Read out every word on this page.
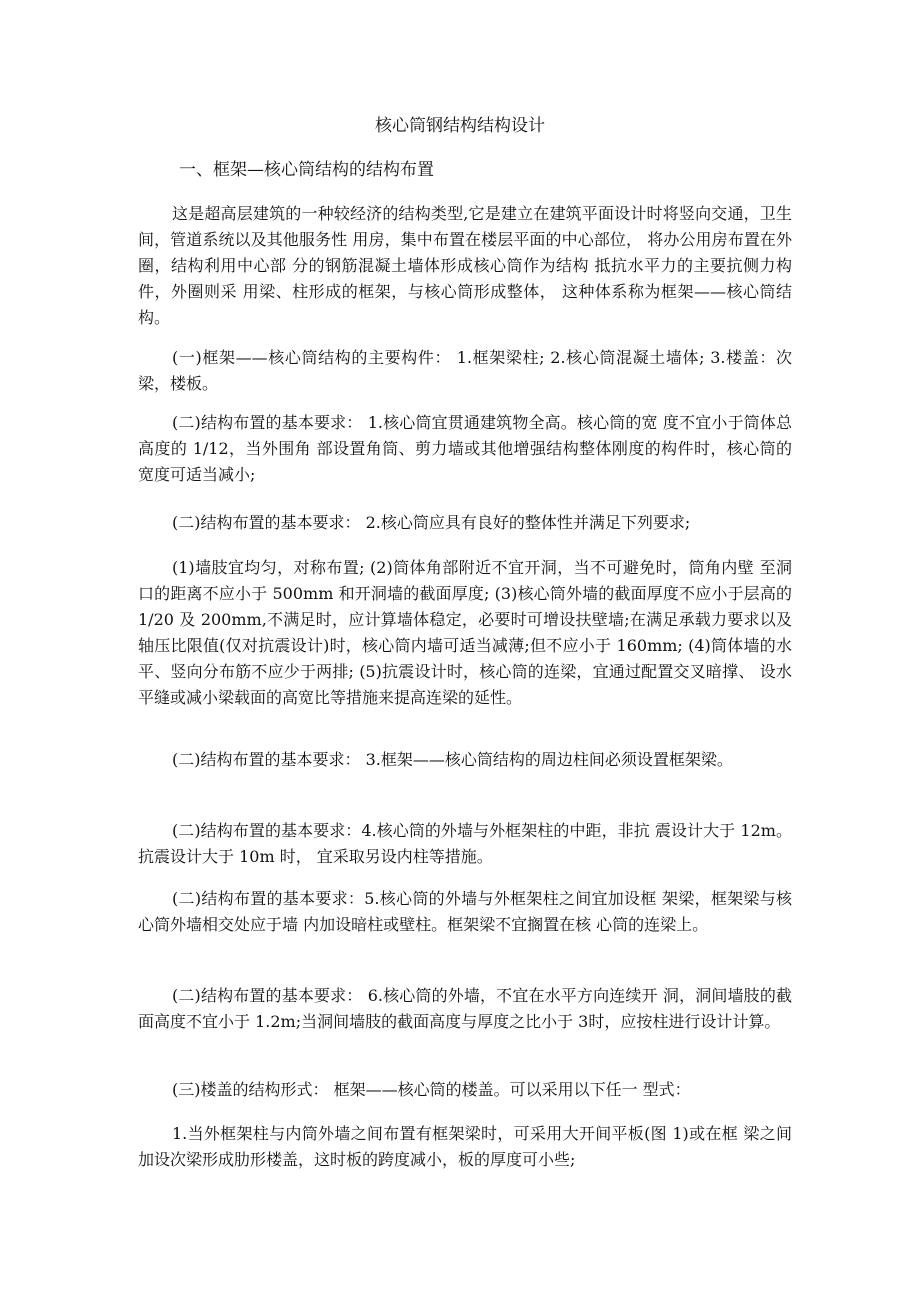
核心筒钢结构结构设计
一、框架—核心筒结构的结构布置

这是超高层建筑的一种较经济的结构类型,它是建立在建筑平面设计时将竖向交通，卫生间，管道系统以及其他服务性 用房，集中布置在楼层平面的中心部位， 将办公用房布置在外圈，结构利用中心部 分的钢筋混凝土墙体形成核心筒作为结构 抵抗水平力的主要抗侧力构件，外圈则采 用梁、柱形成的框架，与核心筒形成整体， 这种体系称为框架——核心筒结构。

(一)框架——核心筒结构的主要构件： 1.框架梁柱; 2.核心筒混凝土墙体; 3.楼盖：次梁，楼板。

(二)结构布置的基本要求： 1.核心筒宜贯通建筑物全高。核心筒的宽 度不宜小于筒体总高度的 1/12，当外围角 部设置角筒、剪力墙或其他增强结构整体刚度的构件时，核心筒的宽度可适当减小;

(二)结构布置的基本要求： 2.核心筒应具有良好的整体性并满足下列要求;

(1)墙肢宜均匀，对称布置; (2)筒体角部附近不宜开洞，当不可避免时，筒角内壁 至洞口的距离不应小于 500mm 和开洞墙的截面厚度; (3)核心筒外墙的截面厚度不应小于层高的 1/20 及 200mm,不满足时，应计算墙体稳定，必要时可增设扶壁墙;在满足承载力要求以及轴压比限值(仅对抗震设计)时，核心筒内墙可适当减薄;但不应小于 160mm; (4)筒体墙的水平、竖向分布筋不应少于两排; (5)抗震设计时，核心筒的连梁，宜通过配置交叉暗撑、 设水平缝或减小梁载面的高宽比等措施来提高连梁的延性。

(二)结构布置的基本要求： 3.框架——核心筒结构的周边柱间必须设置框架梁。

(二)结构布置的基本要求：4.核心筒的外墙与外框架柱的中距，非抗 震设计大于 12m。抗震设计大于 10m 时， 宜采取另设内柱等措施。

(二)结构布置的基本要求：5.核心筒的外墙与外框架柱之间宜加设框 架梁，框架梁与核心筒外墙相交处应于墙 内加设暗柱或壁柱。框架梁不宜搁置在核 心筒的连梁上。

(二)结构布置的基本要求： 6.核心筒的外墙，不宜在水平方向连续开 洞，洞间墙肢的截面高度不宜小于 1.2m;当洞间墙肢的截面高度与厚度之比小于 3时，应按柱进行设计计算。

(三)楼盖的结构形式： 框架——核心筒的楼盖。可以采用以下任一 型式：

1.当外框架柱与内筒外墙之间布置有框架梁时，可采用大开间平板(图 1)或在框 梁之间加设次梁形成肋形楼盖，这时板的跨度减小，板的厚度可小些;
